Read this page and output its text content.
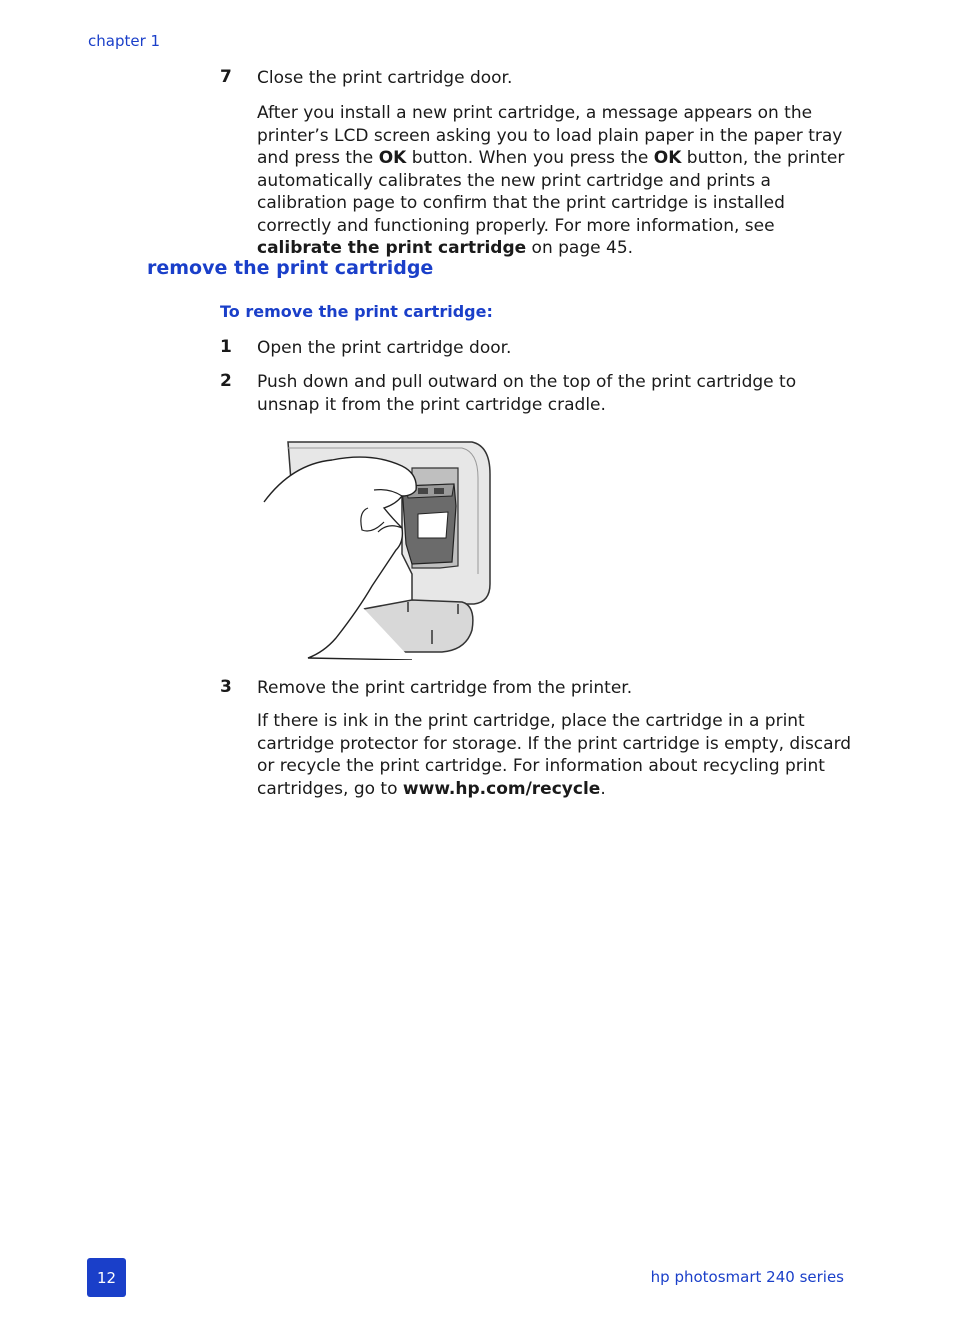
chapter 1
7 Close the print cartridge door.
After you install a new print cartridge, a message appears on the printer’s LCD screen asking you to load plain paper in the paper tray and press the OK button. When you press the OK button, the printer automatically calibrates the new print cartridge and prints a calibration page to confirm that the print cartridge is installed correctly and functioning properly. For more information, see calibrate the print cartridge on page 45.
remove the print cartridge
To remove the print cartridge:
1 Open the print cartridge door.
2 Push down and pull outward on the top of the print cartridge to unsnap it from the print cartridge cradle.
3 Remove the print cartridge from the printer.
If there is ink in the print cartridge, place the cartridge in a print cartridge protector for storage. If the print cartridge is empty, discard or recycle the print cartridge. For information about recycling print cartridges, go to www.hp.com/recycle.
12	hp photosmart 240 series
